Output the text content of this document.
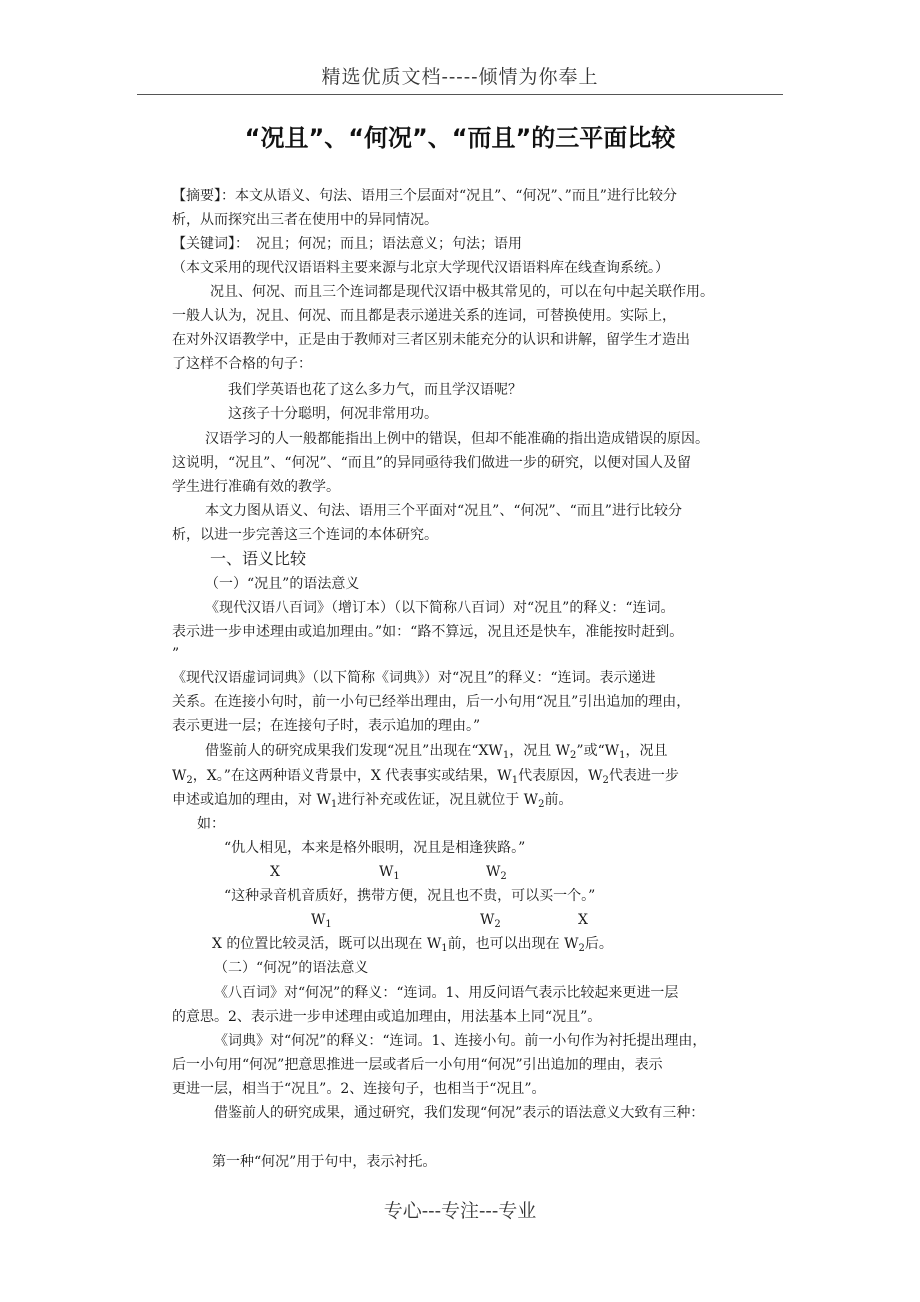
精选优质文档-----倾情为你奉上
“况且”、“何况”、“而且”的三平面比较
【摘要】：本文从语义、句法、语用三个层面对“况且”、“何况”、”而且”进行比较分
析，从而探究出三者在使用中的异同情况。
【关键词】：　况且；何况；而且；语法意义；句法；语用
（本文采用的现代汉语语料主要来源与北京大学现代汉语语料库在线查询系统。）
况且、何况、而且三个连词都是现代汉语中极其常见的，可以在句中起关联作用。
一般人认为，况且、何况、而且都是表示递进关系的连词，可替换使用。实际上，
在对外汉语教学中，正是由于教师对三者区别未能充分的认识和讲解，留学生才造出
了这样不合格的句子：
我们学英语也花了这么多力气，而且学汉语呢？
这孩子十分聪明，何况非常用功。
汉语学习的人一般都能指出上例中的错误，但却不能准确的指出造成错误的原因。
这说明，“况且”、“何况”、“而且”的异同亟待我们做进一步的研究，以便对国人及留
学生进行准确有效的教学。
本文力图从语义、句法、语用三个平面对“况且”、“何况”、“而且”进行比较分
析，以进一步完善这三个连词的本体研究。
一、语义比较
（一）“况且”的语法意义
《现代汉语八百词》（增订本）（以下简称八百词）对“况且”的释义：“连词。
表示进一步申述理由或追加理由。”如：“路不算远，况且还是快车，准能按时赶到。
”
《现代汉语虚词词典》（以下简称《词典》）对“况且”的释义：“连词。表示递进
关系。在连接小句时，前一小句已经举出理由，后一小句用“况且”引出追加的理由，
表示更进一层；在连接句子时，表示追加的理由。”
借鉴前人的研究成果我们发现“况且”出现在“$XW_1$，况且 $W_2$”或“$W_1$，况且
$W_2$，X。”在这两种语义背景中，X 代表事实或结果，$W_1$代表原因，$W_2$代表进一步
申述或追加的理由，对 $W_1$进行补充或佐证，况且就位于 $W_2$前。
如：
“仇人相见，本来是格外眼明，况且是相逢狭路。”
X	$W_1$	$W_2$
“这种录音机音质好，携带方便，况且也不贵，可以买一个。”
$W_1$	$W_2$	X
X 的位置比较灵活，既可以出现在 $W_1$前，也可以出现在 $W_2$后。
（二）“何况”的语法意义
《八百词》对“何况”的释义：“连词。1、用反问语气表示比较起来更进一层
的意思。2、表示进一步申述理由或追加理由，用法基本上同“况且”。
《词典》对“何况”的释义：“连词。1、连接小句。前一小句作为衬托提出理由，
后一小句用“何况”把意思推进一层或者后一小句用“何况”引出追加的理由，表示
更进一层，相当于“况且”。2、连接句子，也相当于“况且”。
借鉴前人的研究成果，通过研究，我们发现“何况”表示的语法意义大致有三种：
第一种“何况”用于句中，表示衬托。
专心---专注---专业
